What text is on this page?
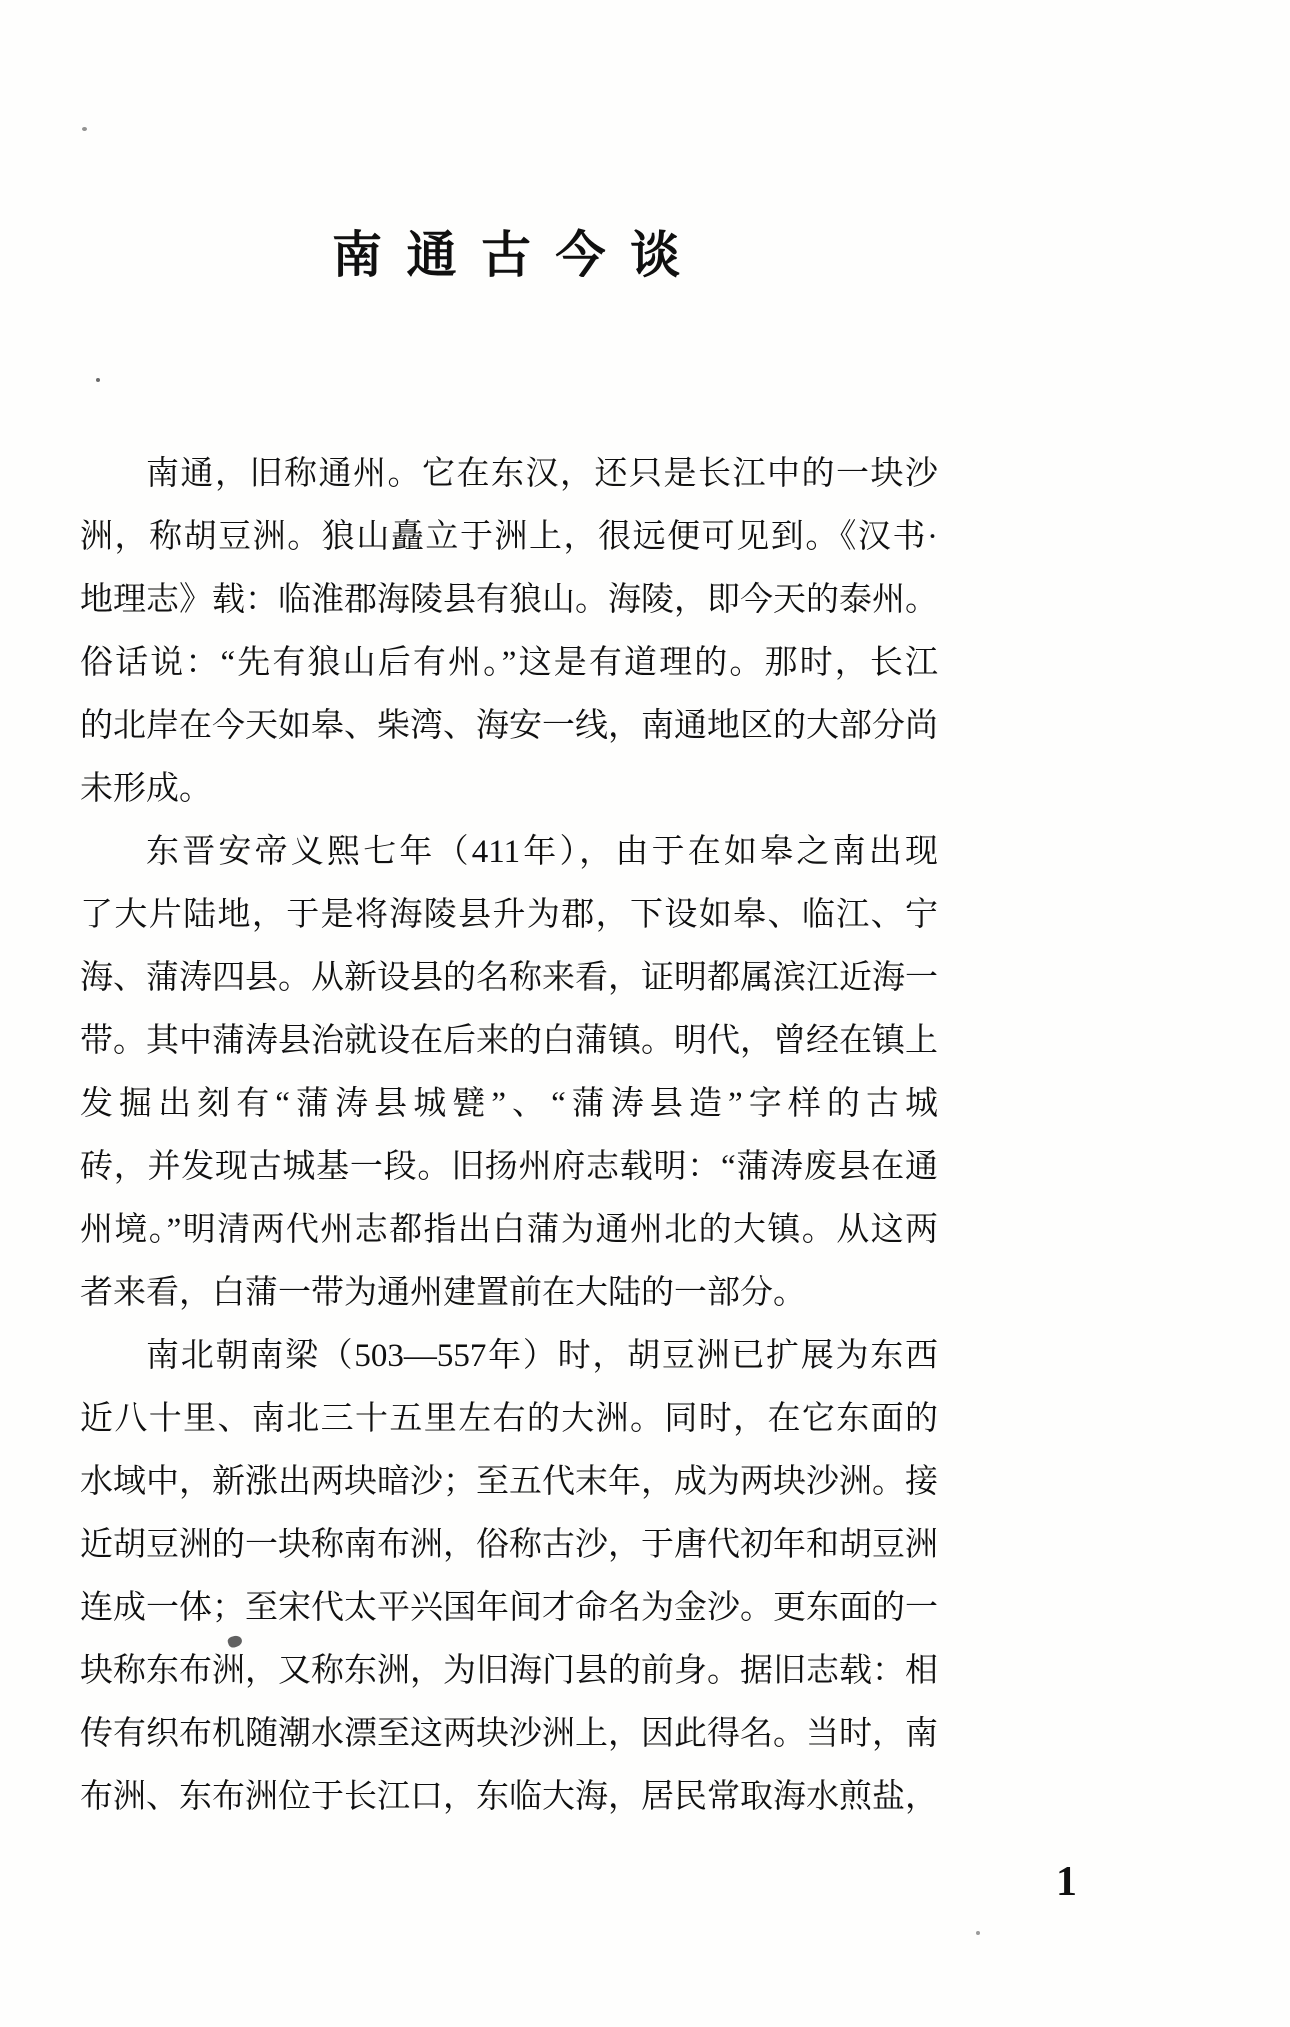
南 通 古 今 谈
南通，旧称通州。它在东汉，还只是长江中的一块沙
洲，称胡豆洲。狼山矗立于洲上，很远便可见到。《汉书·
地理志》载：临淮郡海陵县有狼山。海陵，即今天的泰州。
俗话说：“先有狼山后有州。”这是有道理的。那时，长江
的北岸在今天如皋、柴湾、海安一线，南通地区的大部分尚
未形成。
东晋安帝义熙七年（411年），由于在如皋之南出现
了大片陆地，于是将海陵县升为郡，下设如皋、临江、宁
海、蒲涛四县。从新设县的名称来看，证明都属滨江近海一
带。其中蒲涛县治就设在后来的白蒲镇。明代，曾经在镇上
发掘出刻有“蒲涛县城甓”、“蒲涛县造”字样的古城
砖，并发现古城基一段。旧扬州府志载明：“蒲涛废县在通
州境。”明清两代州志都指出白蒲为通州北的大镇。从这两
者来看，白蒲一带为通州建置前在大陆的一部分。
南北朝南梁（503—557年）时，胡豆洲已扩展为东西
近八十里、南北三十五里左右的大洲。同时，在它东面的
水域中，新涨出两块暗沙；至五代末年，成为两块沙洲。接
近胡豆洲的一块称南布洲，俗称古沙，于唐代初年和胡豆洲
连成一体；至宋代太平兴国年间才命名为金沙。更东面的一
块称东布洲，又称东洲，为旧海门县的前身。据旧志载：相
传有织布机随潮水漂至这两块沙洲上，因此得名。当时，南
布洲、东布洲位于长江口，东临大海，居民常取海水煎盐，
1
